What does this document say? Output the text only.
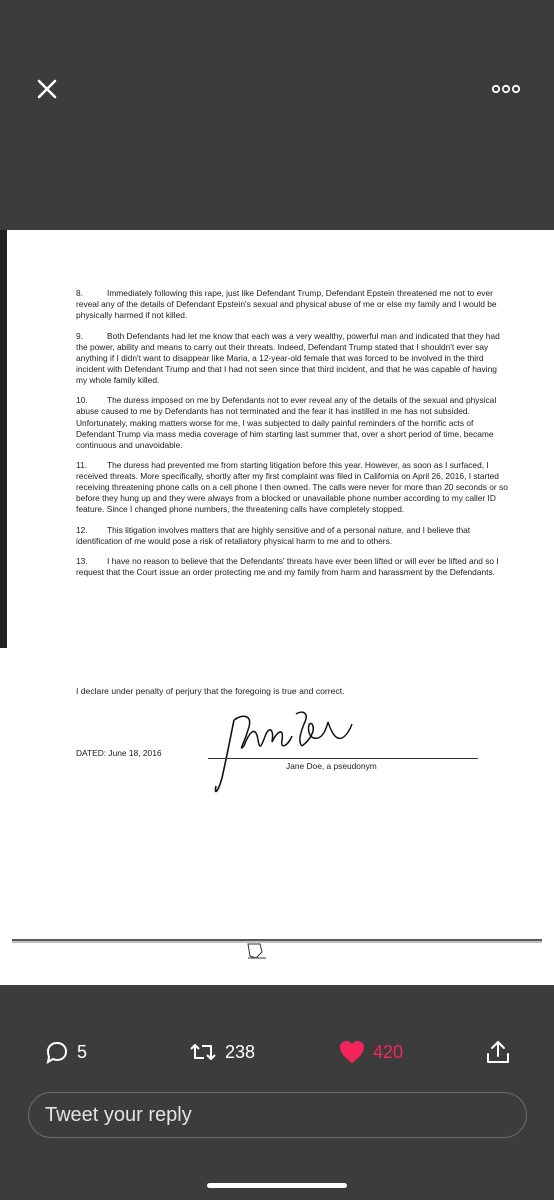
8.	Immediately following this rape, just like Defendant Trump, Defendant Epstein threatened me not to ever reveal any of the details of Defendant Epstein's sexual and physical abuse of me or else my family and I would be physically harmed if not killed.

9.	Both Defendants had let me know that each was a very wealthy, powerful man and indicated that they had the power, ability and means to carry out their threats. Indeed, Defendant Trump stated that I shouldn't ever say anything if I didn't want to disappear like Maria, a 12-year-old female that was forced to be involved in the third incident with Defendant Trump and that I had not seen since that third incident, and that he was capable of having my whole family killed.

10. The duress imposed on me by Defendants not to ever reveal any of the details of the sexual and physical abuse caused to me by Defendants has not terminated and the fear it has instilled in me has not subsided. Unfortunately, making matters worse for me, I was subjected to daily painful reminders of the horrific acts of Defendant Trump via mass media coverage of him starting last summer that, over a short period of time, became continuous and unavoidable.

11. The duress had prevented me from starting litigation before this year. However, as soon as I surfaced, I received threats. More specifically, shortly after my first complaint was filed in California on April 26, 2016, I started receiving threatening phone calls on a cell phone I then owned. The calls were never for more than 20 seconds or so before they hung up and they were always from a blocked or unavailable phone number according to my caller ID feature. Since I changed phone numbers, the threatening calls have completely stopped.

12. This litigation involves matters that are highly sensitive and of a personal nature, and I believe that identification of me would pose a risk of retaliatory physical harm to me and to others.

13. I have no reason to believe that the Defendants' threats have ever been lifted or will ever be lifted and so I request that the Court issue an order protecting me and my family from harm and harassment by the Defendants.

I declare under penalty of perjury that the foregoing is true and correct.
DATED: June 18, 2016
Jane Doe, a pseudonym
5	238	420
Tweet your reply
